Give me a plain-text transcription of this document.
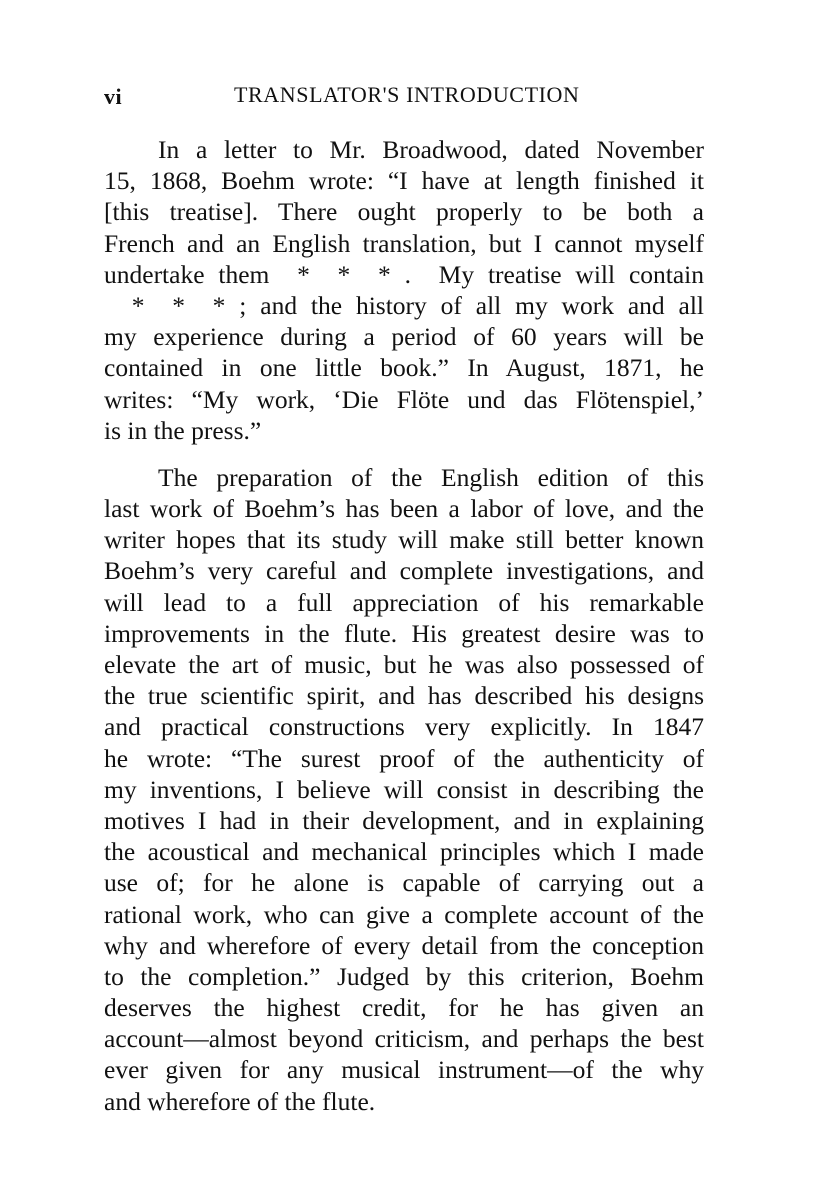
vi	TRANSLATOR'S INTRODUCTION
In a letter to Mr. Broadwood, dated November
15, 1868, Boehm wrote: “I have at length finished it
[this treatise]. There ought properly to be both a
French and an English translation, but I cannot myself
undertake them  *  *  * .  My treatise will contain
*  *  * ; and the history of all my work and all
my experience during a period of 60 years will be
contained in one little book.” In August, 1871, he
writes: “My work, ‘Die Flöte und das Flötenspiel,’
is in the press.”
The preparation of the English edition of this
last work of Boehm’s has been a labor of love, and the
writer hopes that its study will make still better known
Boehm’s very careful and complete investigations, and
will lead to a full appreciation of his remarkable
improvements in the flute. His greatest desire was to
elevate the art of music, but he was also possessed of
the true scientific spirit, and has described his designs
and practical constructions very explicitly. In 1847
he wrote: “The surest proof of the authenticity of
my inventions, I believe will consist in describing the
motives I had in their development, and in explaining
the acoustical and mechanical principles which I made
use of; for he alone is capable of carrying out a
rational work, who can give a complete account of the
why and wherefore of every detail from the conception
to the completion.” Judged by this criterion, Boehm
deserves the highest credit, for he has given an
account—almost beyond criticism, and perhaps the best
ever given for any musical instrument—of the why
and wherefore of the flute.
